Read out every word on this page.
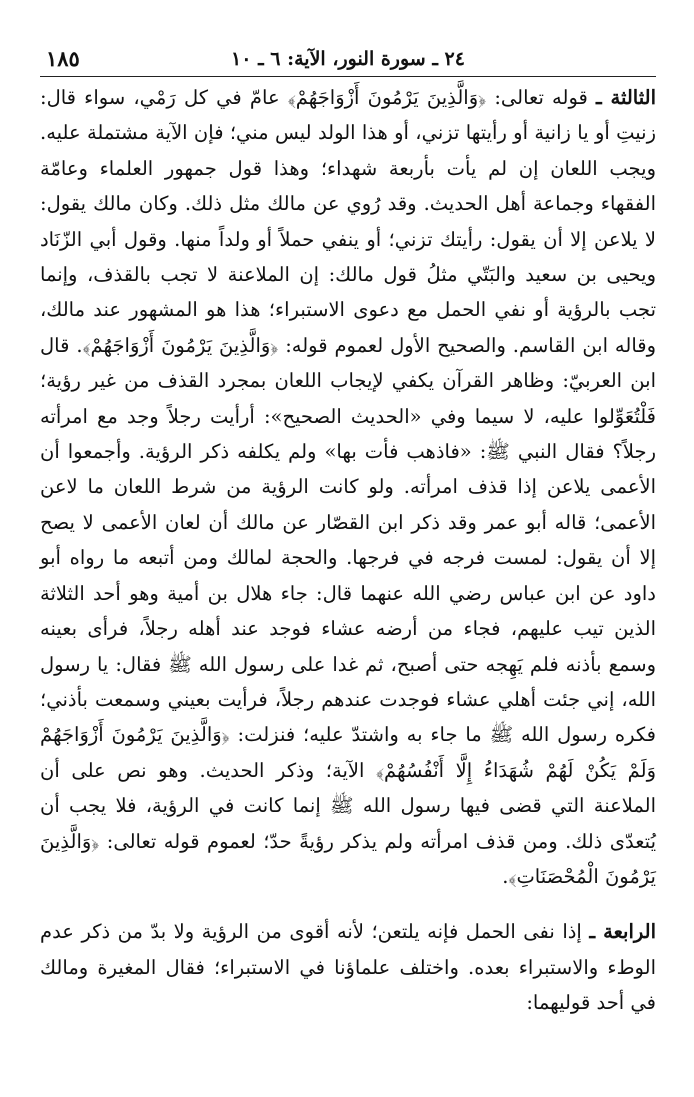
٢٤ ـ سورة النور، الآية: ٦ ـ ١٠
١٨٥

الثالثة ـ قوله تعالى: ﴿وَالَّذِينَ يَرْمُونَ أَزْوَاجَهُمْ﴾ عامّ في كل رَمْي، سواء قال: زنيتِ أو يا زانية أو رأيتها تزني، أو هذا الولد ليس مني؛ فإن الآية مشتملة عليه. ويجب اللعان إن لم يأت بأربعة شهداء؛ وهذا قول جمهور العلماء وعامّة الفقهاء وجماعة أهل الحديث. وقد رُوي عن مالك مثل ذلك. وكان مالك يقول: لا يلاعن إلا أن يقول: رأيتك تزني؛ أو ينفي حملاً أو ولداً منها. وقول أبي الزّنَاد ويحيى بن سعيد والبَتّي مثلُ قول مالك: إن الملاعنة لا تجب بالقذف، وإنما تجب بالرؤية أو نفي الحمل مع دعوى الاستبراء؛ هذا هو المشهور عند مالك، وقاله ابن القاسم. والصحيح الأول لعموم قوله: ﴿وَالَّذِينَ يَرْمُونَ أَزْوَاجَهُمْ﴾. قال ابن العربيّ: وظاهر القرآن يكفي لإيجاب اللعان بمجرد القذف من غير رؤية؛ فَلْتُعَوِّلوا عليه، لا سيما وفي «الحديث الصحيح»: أرأيت رجلاً وجد مع امرأته رجلاً؟ فقال النبي ﷺ: «فاذهب فأت بها» ولم يكلفه ذكر الرؤية. وأجمعوا أن الأعمى يلاعن إذا قذف امرأته. ولو كانت الرؤية من شرط اللعان ما لاعن الأعمى؛ قاله أبو عمر وقد ذكر ابن القصّار عن مالك أن لعان الأعمى لا يصح إلا أن يقول: لمست فرجه في فرجها. والحجة لمالك ومن أتبعه ما رواه أبو داود عن ابن عباس رضي الله عنهما قال: جاء هلال بن أمية وهو أحد الثلاثة الذين تيب عليهم، فجاء من أرضه عشاء فوجد عند أهله رجلاً، فرأى بعينه وسمع بأذنه فلم يَهِجه حتى أصبح، ثم غدا على رسول الله ﷺ فقال: يا رسول الله، إني جئت أهلي عشاء فوجدت عندهم رجلاً، فرأيت بعيني وسمعت بأذني؛ فكره رسول الله ﷺ ما جاء به واشتدّ عليه؛ فنزلت: ﴿وَالَّذِينَ يَرْمُونَ أَزْوَاجَهُمْ وَلَمْ يَكُنْ لَهُمْ شُهَدَاءُ إِلَّا أَنْفُسُهُمْ﴾ الآية؛ وذكر الحديث. وهو نص على أن الملاعنة التي قضى فيها رسول الله ﷺ إنما كانت في الرؤية، فلا يجب أن يُتعدّى ذلك. ومن قذف امرأته ولم يذكر رؤيةً حدّ؛ لعموم قوله تعالى: ﴿وَالَّذِينَ يَرْمُونَ الْمُحْصَنَاتِ﴾.

الرابعة ـ إذا نفى الحمل فإنه يلتعن؛ لأنه أقوى من الرؤية ولا بدّ من ذكر عدم الوطء والاستبراء بعده. واختلف علماؤنا في الاستبراء؛ فقال المغيرة ومالك في أحد قوليهما:
